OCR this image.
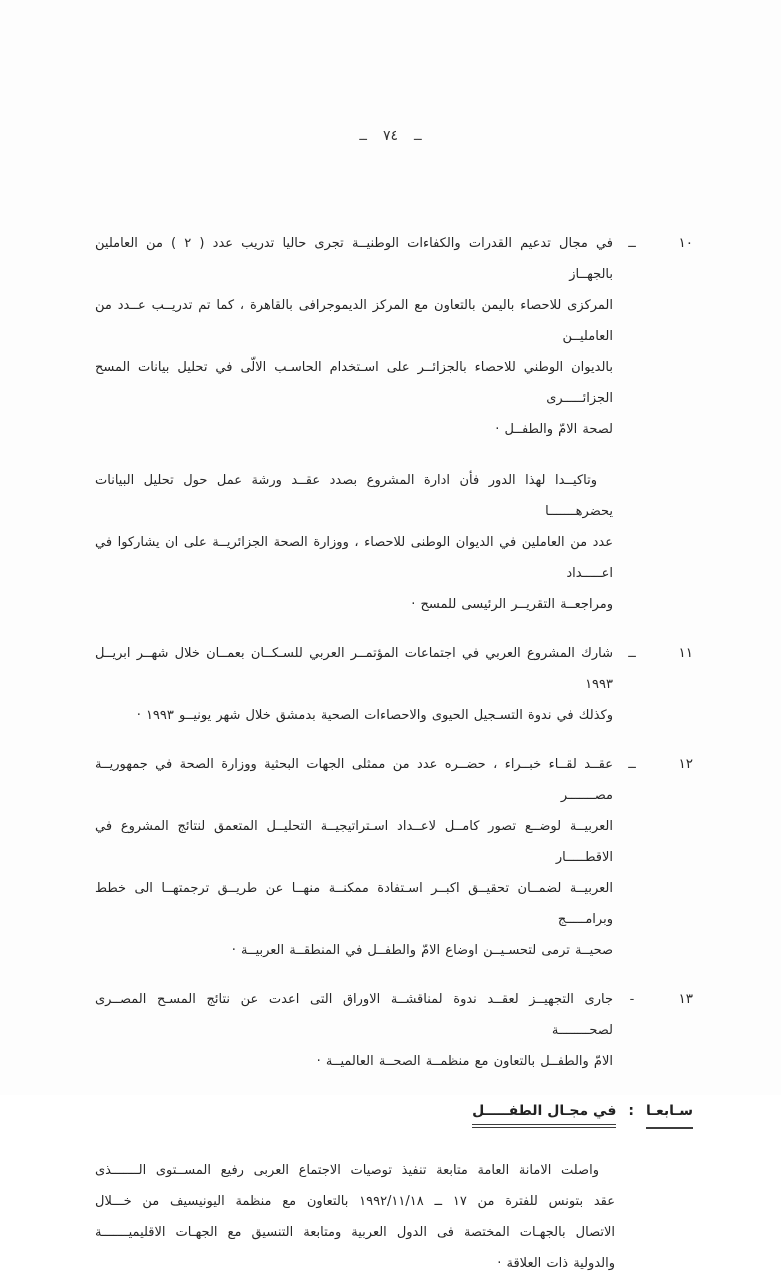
ــ
٧٤
ــ
١٠
ــ
في مجال تدعيم القدرات والكفاءات الوطنيــة تجرى حاليا تدريب عدد ( ٢ ) من العاملين بالجهــاز
المركزى للاحصاء باليمن بالتعاون مع المركز الديموجرافى بالقاهرة ، كما تم تدريــب عــدد من العامليــن
بالديوان الوطني للاحصاء بالجزائــر على اسـتخدام الحاسـب الالّى في تحليل بيانات المسح الجزائـــــرى
لصحة الامّ والطفــل ·
وتاكيــدا لهذا الدور فأن ادارة المشروع بصدد عقــد ورشة عمل حول تحليل البيانات يحضرهـــــــا
عدد من العاملين في الديوان الوطنى للاحصاء ، ووزارة الصحة الجزائريــة على ان يشاركوا في اعـــــداد
ومراجعــة التقريــر الرئيسى للمسح ·
١١
ــ
شارك المشروع العربي في اجتماعات المؤتمــر العربي للسـكــان بعمــان خلال شهــر ابريــل ١٩٩٣
وكذلك في ندوة التسـجيل الحيوى والاحصاءات الصحية بدمشق خلال شهر يونيــو ١٩٩٣ ·
١٢
ــ
عقــد لقــاء خبــراء ، حضــره عدد من ممثلى الجهات البحثية ووزارة الصحة في جمهوريــة مصـــــــر
العربيــة لوضــع تصور كامــل لاعــداد اسـتراتيجيــة التحليــل المتعمق لنتائج المشروع في الاقطـــــار
العربيــة لضمــان تحقيــق اكبــر اسـتفادة ممكنــة منهــا عن طريــق ترجمتهــا الى خطط وبرامـــــج
صحيــة ترمى لتحسـيــن اوضاع الامّ والطفــل في المنطقــة العربيــة ·
١٣
-
جارى التجهيــز لعقــد ندوة لمناقشــة الاوراق التى اعدت عن نتائج المسـح المصــرى لصحــــــــة
الامّ والطفــل بالتعاون مع منظمــة الصحــة العالميــة ·
سـابعـا
:
في مجـال الطفـــــل
واصلت الامانة العامة متابعة تنفيذ توصيات الاجتماع العربى رفيع المســتوى الـــــــذى
عقد بتونس للفترة من ١٧ ــ ١٩٩٢/١١/١٨ بالتعاون مع منظمة اليونيسيف من خـــلال
الاتصال بالجهـات المختصة فى الدول العربية ومتابعة التنسيق مع الجهـات الاقليميـــــــة
والدولية ذات العلاقة ·
